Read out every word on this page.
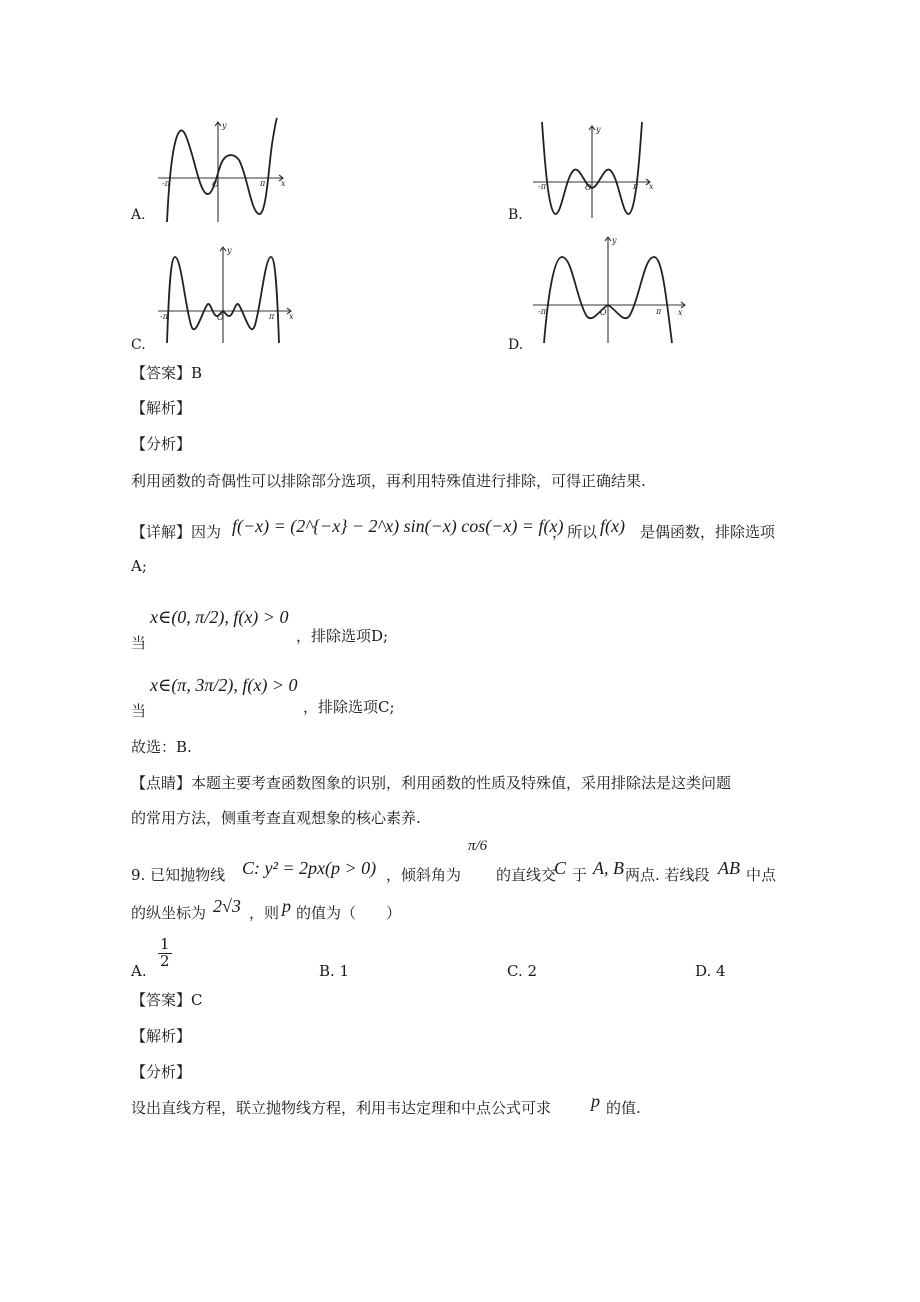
-π	O	π x
y
A.
-π	O	π x
y
B.
-π	O	π x
y
C.
-π	O	π x
y
D.
【答案】B
【解析】
【分析】
利用函数的奇偶性可以排除部分选项，再利用特殊值进行排除，可得正确结果.
【详解】因为 f(−x) = (2^{−x} − 2^x) sin(−x) cos(−x) = f(x)
，所以 f(x) 是偶函数，排除选项
A;
当
x∈(0, π/2), f(x) > 0
，排除选项D;
当
x∈(π, 3π/2), f(x) > 0
，排除选项C;
故选：B.
【点睛】本题主要考查函数图象的识别，利用函数的性质及特殊值，采用排除法是这类问题
的常用方法，侧重考查直观想象的核心素养.
9. 已知抛物线 C: y² = 2px(p > 0) ，倾斜角为
π/6
的直线交
C 于 A, B 两点. 若线段 AB 中点
的纵坐标为 2√3 ，则 p 的值为（　　）
A.
$\frac{1}{2}$
B. 1	C. 2	D. 4
【答案】C
【解析】
【分析】
设出直线方程，联立抛物线方程，利用韦达定理和中点公式可求 p 的值.
